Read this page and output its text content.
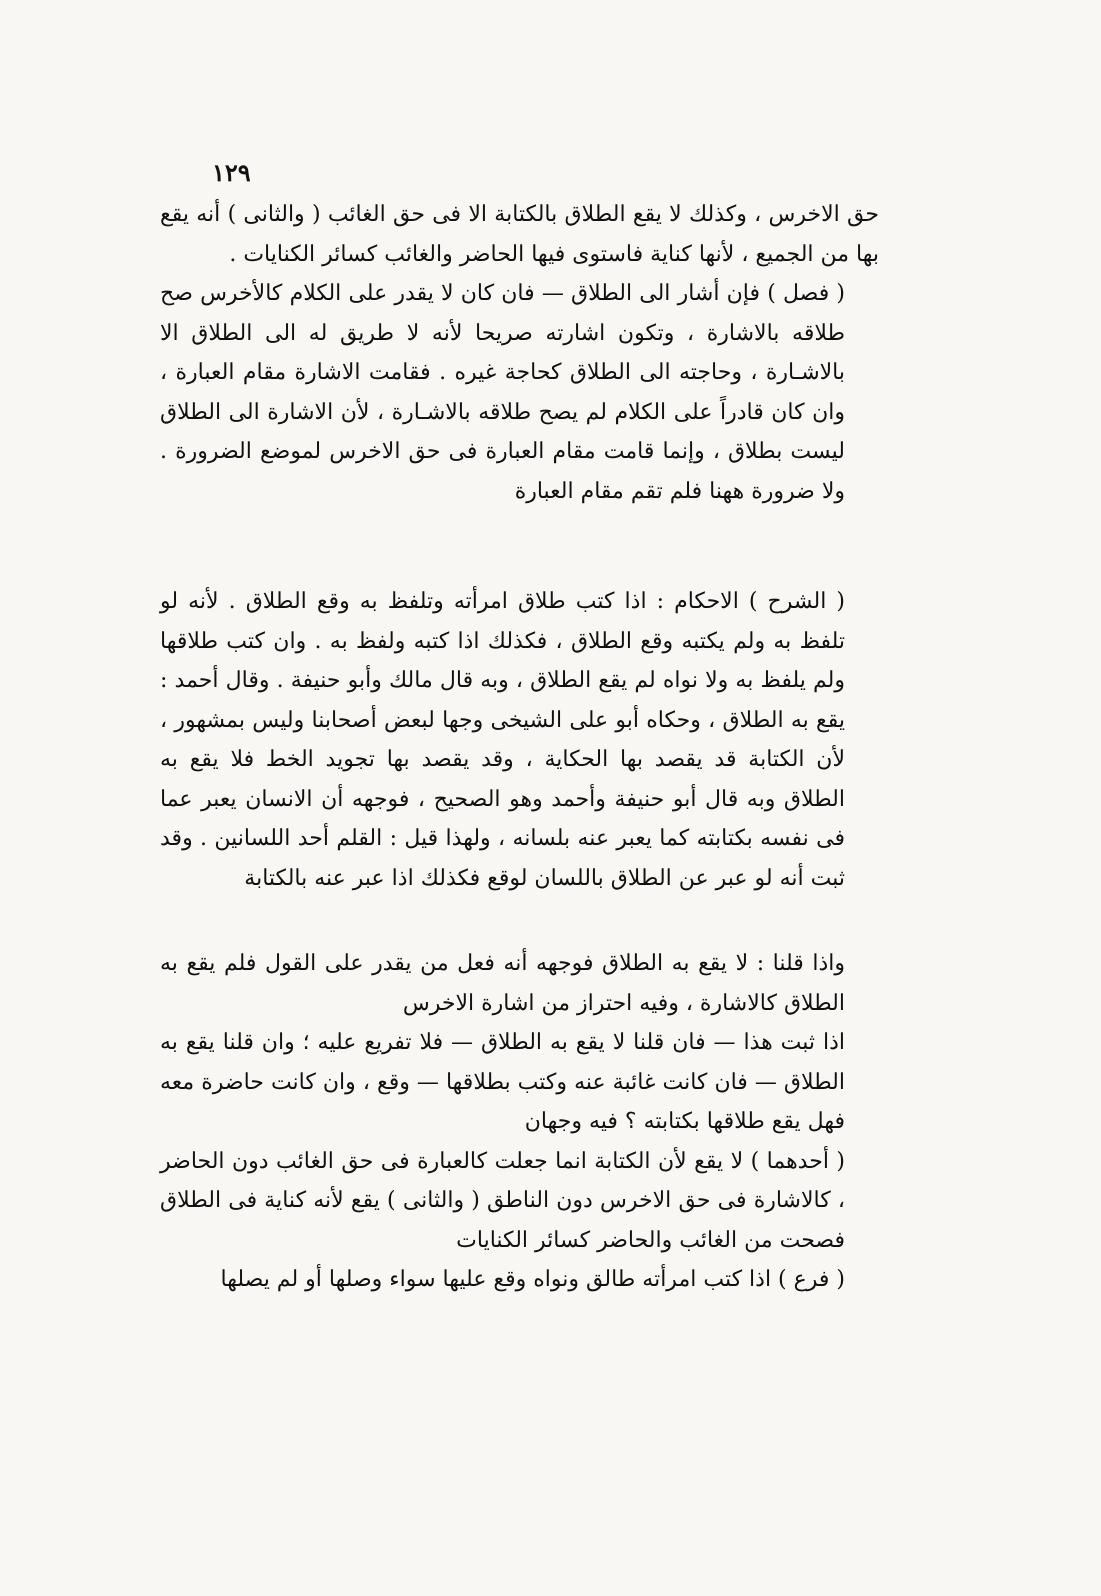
١٢٩

حق الاخرس ، وكذلك لا يقع الطلاق بالكتابة الا فى حق الغائب ( والثانى ) أنه يقع بها من الجميع ، لأنها كناية فاستوى فيها الحاضر والغائب كسائر الكنايات .

( فصل ) فإن أشار الى الطلاق — فان كان لا يقدر على الكلام كالأخرس صح طلاقه بالاشارة ، وتكون اشارته صريحا لأنه لا طريق له الى الطلاق الا بالاشـارة ، وحاجته الى الطلاق كحاجة غيره . فقامت الاشارة مقام العبارة ، وان كان قادراً على الكلام لم يصح طلاقه بالاشـارة ، لأن الاشارة الى الطلاق ليست بطلاق ، وإنما قامت مقام العبارة فى حق الاخرس لموضع الضرورة . ولا ضرورة ههنا فلم تقم مقام العبارة

( الشرح ) الاحكام : اذا كتب طلاق امرأته وتلفظ به وقع الطلاق . لأنه لو تلفظ به ولم يكتبه وقع الطلاق ، فكذلك اذا كتبه ولفظ به . وان كتب طلاقها ولم يلفظ به ولا نواه لم يقع الطلاق ، وبه قال مالك وأبو حنيفة . وقال أحمد : يقع به الطلاق ، وحكاه أبو على الشيخى وجها لبعض أصحابنا وليس بمشهور ، لأن الكتابة قد يقصد بها الحكاية ، وقد يقصد بها تجويد الخط فلا يقع به الطلاق وبه قال أبو حنيفة وأحمد وهو الصحيح ، فوجهه أن الانسان يعبر عما فى نفسه بكتابته كما يعبر عنه بلسانه ، ولهذا قيل : القلم أحد اللسانين . وقد ثبت أنه لو عبر عن الطلاق باللسان لوقع فكذلك اذا عبر عنه بالكتابة

واذا قلنا : لا يقع به الطلاق فوجهه أنه فعل من يقدر على القول فلم يقع به الطلاق كالاشارة ، وفيه احتراز من اشارة الاخرس

اذا ثبت هذا — فان قلنا لا يقع به الطلاق — فلا تفريع عليه ؛ وان قلنا يقع به الطلاق — فان كانت غائبة عنه وكتب بطلاقها — وقع ، وان كانت حاضرة معه فهل يقع طلاقها بكتابته ؟ فيه وجهان

( أحدهما ) لا يقع لأن الكتابة انما جعلت كالعبارة فى حق الغائب دون الحاضر ، كالاشارة فى حق الاخرس دون الناطق ( والثانى ) يقع لأنه كناية فى الطلاق فصحت من الغائب والحاضر كسائر الكنايات

( فرع ) اذا كتب امرأته طالق ونواه وقع عليها سواء وصلها أو لم يصلها
